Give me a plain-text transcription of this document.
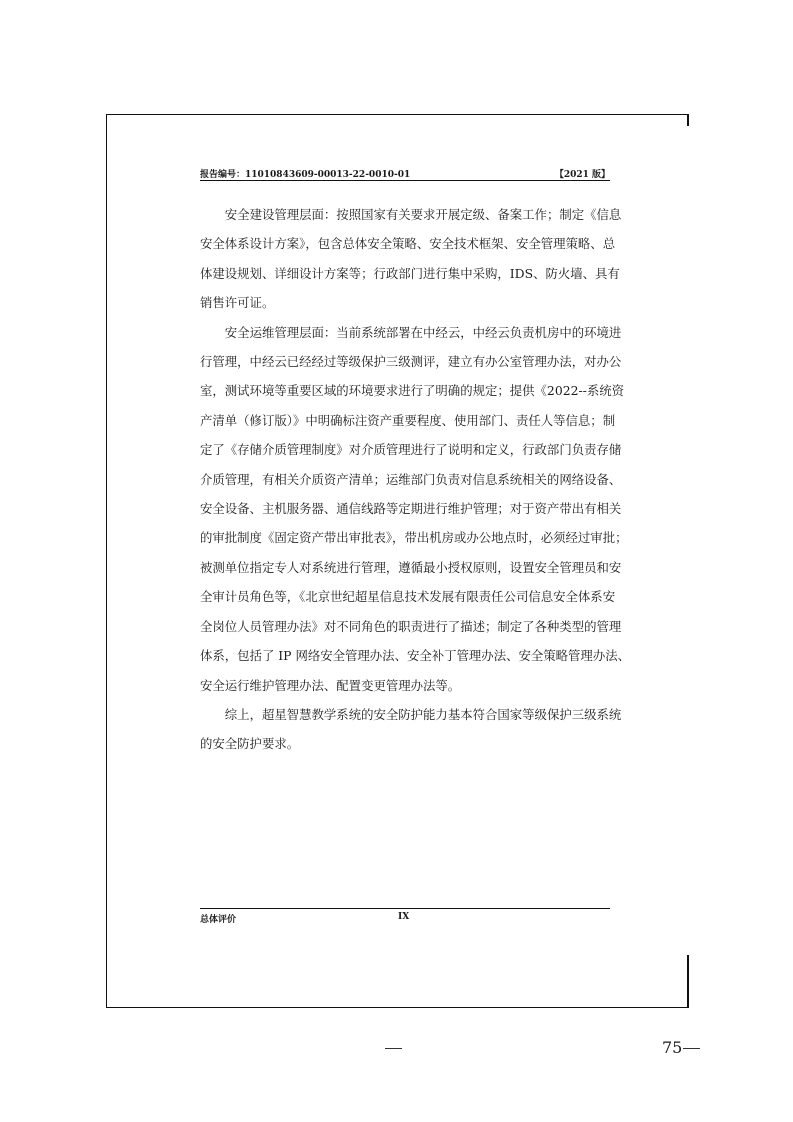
报告编号：11010843609-00013-22-0010-01	【2021 版】

安全建设管理层面：按照国家有关要求开展定级、备案工作；制定《信息
安全体系设计方案》，包含总体安全策略、安全技术框架、安全管理策略、总
体建设规划、详细设计方案等；行政部门进行集中采购，IDS、防火墙、具有
销售许可证。

安全运维管理层面：当前系统部署在中经云，中经云负责机房中的环境进
行管理，中经云已经经过等级保护三级测评，建立有办公室管理办法，对办公
室，测试环境等重要区域的环境要求进行了明确的规定；提供《2022--系统资
产清单（修订版）》中明确标注资产重要程度、使用部门、责任人等信息；制
定了《存储介质管理制度》对介质管理进行了说明和定义，行政部门负责存储
介质管理，有相关介质资产清单；运维部门负责对信息系统相关的网络设备、
安全设备、主机服务器、通信线路等定期进行维护管理；对于资产带出有相关
的审批制度《固定资产带出审批表》，带出机房或办公地点时，必须经过审批；
被测单位指定专人对系统进行管理，遵循最小授权原则，设置安全管理员和安
全审计员角色等，《北京世纪超星信息技术发展有限责任公司信息安全体系安
全岗位人员管理办法》对不同角色的职责进行了描述；制定了各种类型的管理
体系，包括了 IP 网络安全管理办法、安全补丁管理办法、安全策略管理办法、
安全运行维护管理办法、配置变更管理办法等。

综上，超星智慧教学系统的安全防护能力基本符合国家等级保护三级系统
的安全防护要求。

总体评价	IX
75
